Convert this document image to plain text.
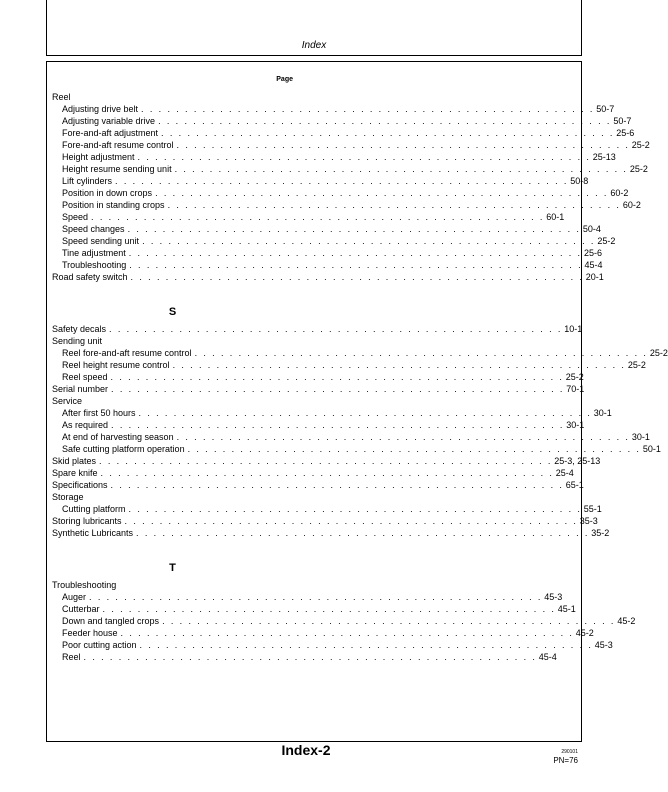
Index
Page
Reel
Adjusting drive belt . . . . . . . . . . . . . . . . . . . . . . . . . . . . . . . . . . . . . . . . . . . . . . . . . . . . 50-7
Adjusting variable drive . . . . . . . . . . . . . . . . . . . . . . . . . . . . . . . . . . . . . . . . . . . . . . . . . . . . 50-7
Fore-and-aft adjustment . . . . . . . . . . . . . . . . . . . . . . . . . . . . . . . . . . . . . . . . . . . . . . . . . . . . 25-6
Fore-and-aft resume control . . . . . . . . . . . . . . . . . . . . . . . . . . . . . . . . . . . . . . . . . . . . . . . . . . . . 25-2
Height adjustment . . . . . . . . . . . . . . . . . . . . . . . . . . . . . . . . . . . . . . . . . . . . . . . . . . . . 25-13
Height resume sending unit . . . . . . . . . . . . . . . . . . . . . . . . . . . . . . . . . . . . . . . . . . . . . . . . . . . . 25-2
Lift cylinders . . . . . . . . . . . . . . . . . . . . . . . . . . . . . . . . . . . . . . . . . . . . . . . . . . . . 50-8
Position in down crops . . . . . . . . . . . . . . . . . . . . . . . . . . . . . . . . . . . . . . . . . . . . . . . . . . . . 60-2
Position in standing crops . . . . . . . . . . . . . . . . . . . . . . . . . . . . . . . . . . . . . . . . . . . . . . . . . . . . 60-2
Speed . . . . . . . . . . . . . . . . . . . . . . . . . . . . . . . . . . . . . . . . . . . . . . . . . . . . 60-1
Speed changes . . . . . . . . . . . . . . . . . . . . . . . . . . . . . . . . . . . . . . . . . . . . . . . . . . . . 50-4
Speed sending unit . . . . . . . . . . . . . . . . . . . . . . . . . . . . . . . . . . . . . . . . . . . . . . . . . . . . 25-2
Tine adjustment . . . . . . . . . . . . . . . . . . . . . . . . . . . . . . . . . . . . . . . . . . . . . . . . . . . . 25-6
Troubleshooting . . . . . . . . . . . . . . . . . . . . . . . . . . . . . . . . . . . . . . . . . . . . . . . . . . . . 45-4
Road safety switch . . . . . . . . . . . . . . . . . . . . . . . . . . . . . . . . . . . . . . . . . . . . . . . . . . . . 20-1
S
Safety decals . . . . . . . . . . . . . . . . . . . . . . . . . . . . . . . . . . . . . . . . . . . . . . . . . . . . 10-1
Sending unit
Reel fore-and-aft resume control . . . . . . . . . . . . . . . . . . . . . . . . . . . . . . . . . . . . . . . . . . . . . . . . . . . . 25-2
Reel height resume control . . . . . . . . . . . . . . . . . . . . . . . . . . . . . . . . . . . . . . . . . . . . . . . . . . . . 25-2
Reel speed . . . . . . . . . . . . . . . . . . . . . . . . . . . . . . . . . . . . . . . . . . . . . . . . . . . . 25-2
Serial number . . . . . . . . . . . . . . . . . . . . . . . . . . . . . . . . . . . . . . . . . . . . . . . . . . . . 70-1
Service
After first 50 hours . . . . . . . . . . . . . . . . . . . . . . . . . . . . . . . . . . . . . . . . . . . . . . . . . . . . 30-1
As required . . . . . . . . . . . . . . . . . . . . . . . . . . . . . . . . . . . . . . . . . . . . . . . . . . . . 30-1
At end of harvesting season . . . . . . . . . . . . . . . . . . . . . . . . . . . . . . . . . . . . . . . . . . . . . . . . . . . . 30-1
Safe cutting platform operation . . . . . . . . . . . . . . . . . . . . . . . . . . . . . . . . . . . . . . . . . . . . . . . . . . . . 50-1
Skid plates . . . . . . . . . . . . . . . . . . . . . . . . . . . . . . . . . . . . . . . . . . . . . . . . . . . . 25-3, 25-13
Spare knife . . . . . . . . . . . . . . . . . . . . . . . . . . . . . . . . . . . . . . . . . . . . . . . . . . . . 25-4
Specifications . . . . . . . . . . . . . . . . . . . . . . . . . . . . . . . . . . . . . . . . . . . . . . . . . . . . 65-1
Storage
Cutting platform . . . . . . . . . . . . . . . . . . . . . . . . . . . . . . . . . . . . . . . . . . . . . . . . . . . . 55-1
Storing lubricants . . . . . . . . . . . . . . . . . . . . . . . . . . . . . . . . . . . . . . . . . . . . . . . . . . . . 35-3
Synthetic Lubricants . . . . . . . . . . . . . . . . . . . . . . . . . . . . . . . . . . . . . . . . . . . . . . . . . . . . 35-2
T
Troubleshooting
Auger . . . . . . . . . . . . . . . . . . . . . . . . . . . . . . . . . . . . . . . . . . . . . . . . . . . . 45-3
Cutterbar . . . . . . . . . . . . . . . . . . . . . . . . . . . . . . . . . . . . . . . . . . . . . . . . . . . . 45-1
Down and tangled crops . . . . . . . . . . . . . . . . . . . . . . . . . . . . . . . . . . . . . . . . . . . . . . . . . . . . 45-2
Feeder house . . . . . . . . . . . . . . . . . . . . . . . . . . . . . . . . . . . . . . . . . . . . . . . . . . . . 45-2
Poor cutting action . . . . . . . . . . . . . . . . . . . . . . . . . . . . . . . . . . . . . . . . . . . . . . . . . . . . 45-3
Reel . . . . . . . . . . . . . . . . . . . . . . . . . . . . . . . . . . . . . . . . . . . . . . . . . . . . 45-4
Index-2	290101
PN=76
